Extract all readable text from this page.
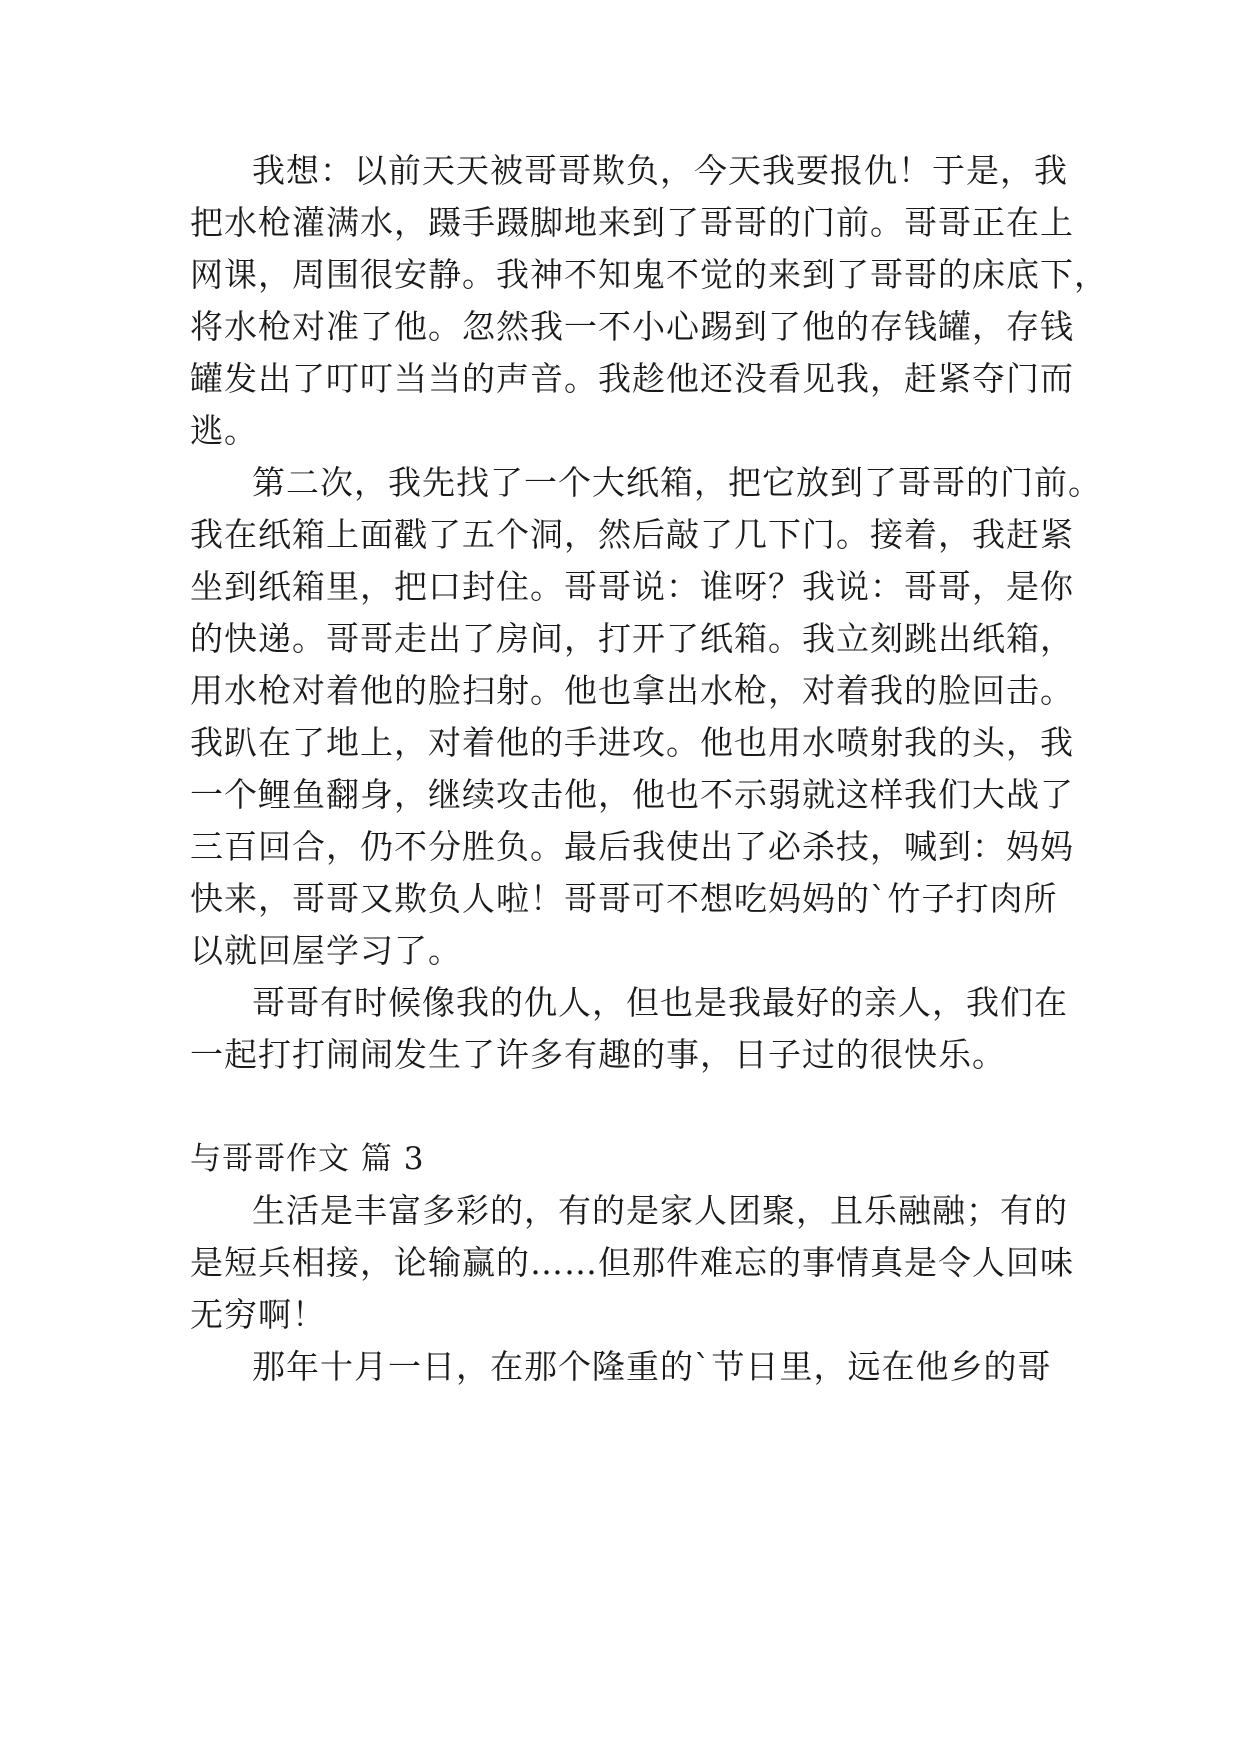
我想：以前天天被哥哥欺负，今天我要报仇！于是，我
把水枪灌满水，蹑手蹑脚地来到了哥哥的门前。哥哥正在上
网课，周围很安静。我神不知鬼不觉的来到了哥哥的床底下，
将水枪对准了他。忽然我一不小心踢到了他的存钱罐，存钱
罐发出了叮叮当当的声音。我趁他还没看见我，赶紧夺门而
逃。
第二次，我先找了一个大纸箱，把它放到了哥哥的门前。
我在纸箱上面戳了五个洞，然后敲了几下门。接着，我赶紧
坐到纸箱里，把口封住。哥哥说：谁呀？我说：哥哥，是你
的快递。哥哥走出了房间，打开了纸箱。我立刻跳出纸箱，
用水枪对着他的脸扫射。他也拿出水枪，对着我的脸回击。
我趴在了地上，对着他的手进攻。他也用水喷射我的头，我
一个鲤鱼翻身，继续攻击他，他也不示弱就这样我们大战了
三百回合，仍不分胜负。最后我使出了必杀技，喊到：妈妈
快来，哥哥又欺负人啦！哥哥可不想吃妈妈的`竹子打肉所
以就回屋学习了。
哥哥有时候像我的仇人，但也是我最好的亲人，我们在
一起打打闹闹发生了许多有趣的事，日子过的很快乐。
与哥哥作文 篇 3
生活是丰富多彩的，有的是家人团聚，且乐融融；有的
是短兵相接，论输赢的……但那件难忘的事情真是令人回味
无穷啊！
那年十月一日，在那个隆重的`节日里，远在他乡的哥
